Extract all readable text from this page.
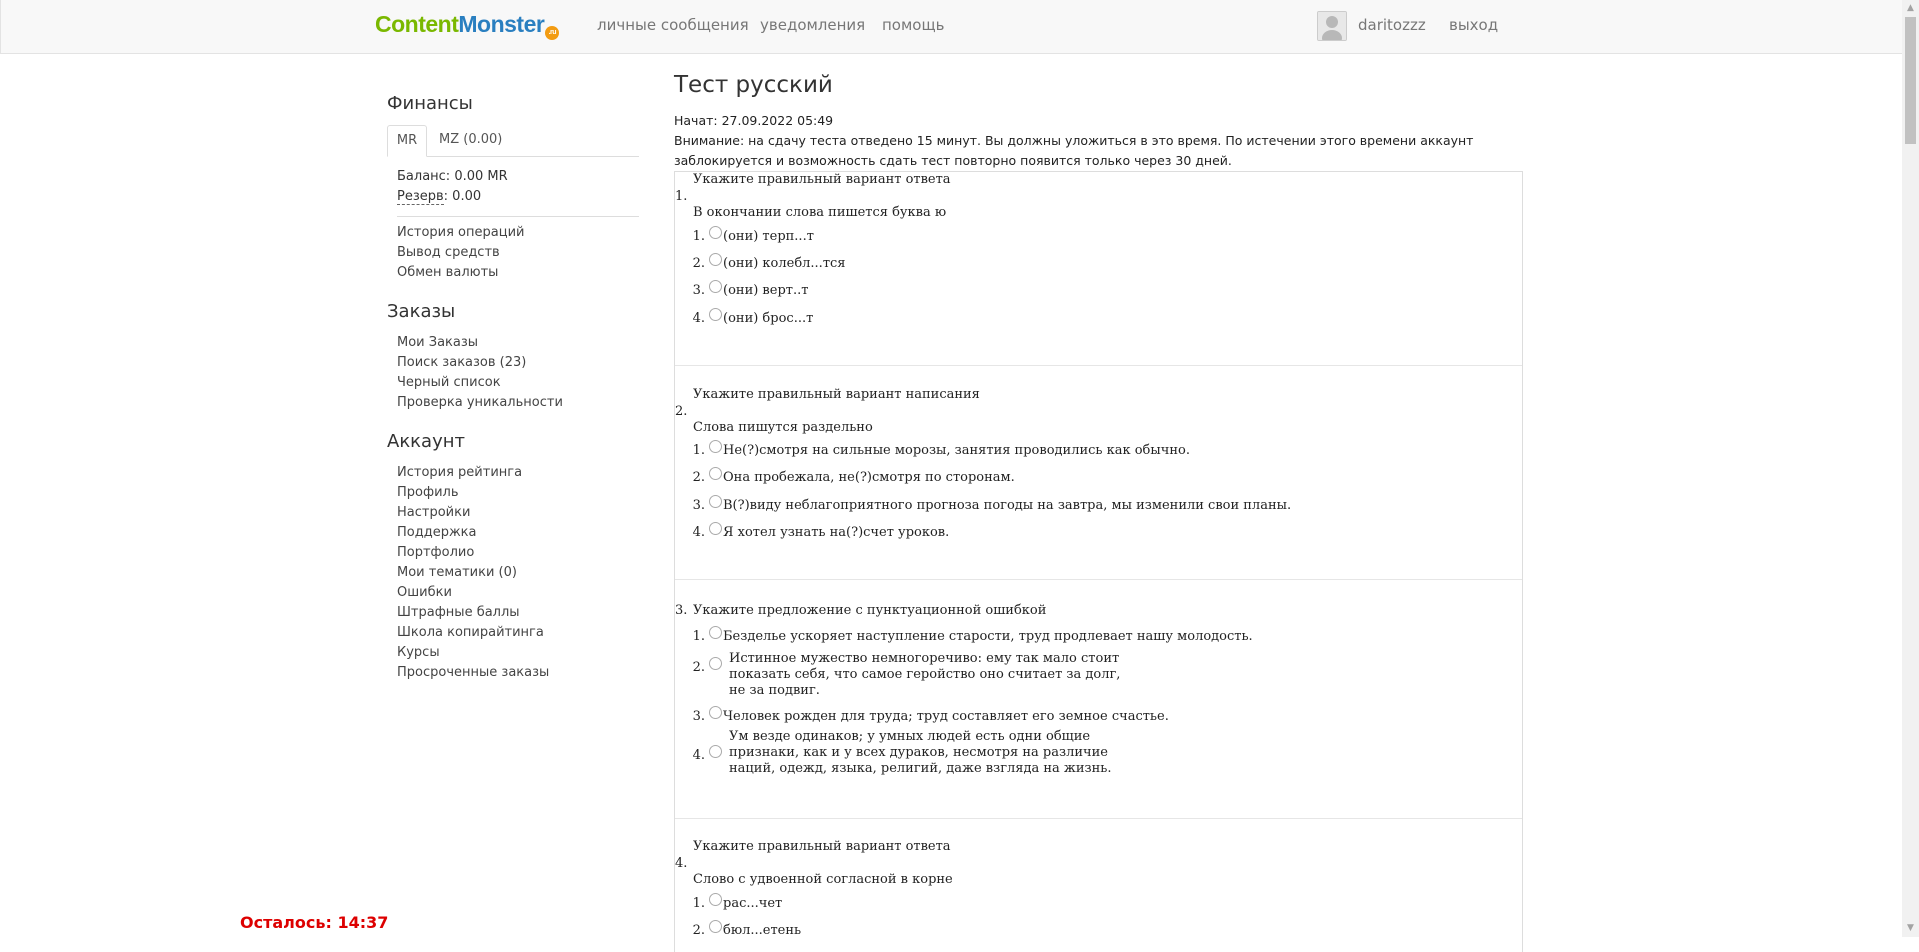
ContentMonster .ru	личные сообщения уведомления помощь	daritozzz выход
Финансы
MR	MZ (0.00)
Баланс: 0.00 MR
Резерв: 0.00
История операций
Вывод средств
Обмен валюты
Заказы
Мои Заказы
Поиск заказов (23)
Черный список
Проверка уникальности
Аккаунт
История рейтинга
Профиль
Настройки
Поддержка
Портфолио
Мои тематики (0)
Ошибки
Штрафные баллы
Школа копирайтинга
Курсы
Просроченные заказы
Осталось: 14:37
Тест русский
Начат: 27.09.2022 05:49
Внимание: на сдачу теста отведено 15 минут. Вы должны уложиться в это время. По истечении этого времени аккаунт
заблокируется и возможность сдать тест повторно появится только через 30 дней.
Укажите правильный вариант ответа
1.
В окончании слова пишется буква ю
1. (они) терп...т
2. (они) колебл...тся
3. (они) верт..т
4. (они) брос...т
Укажите правильный вариант написания
2.
Слова пишутся раздельно
1. Не(?)смотря на сильные морозы, занятия проводились как обычно.
2. Она пробежала, не(?)смотря по сторонам.
3. В(?)виду неблагоприятного прогноза погоды на завтра, мы изменили свои планы.
4. Я хотел узнать на(?)счет уроков.
3. Укажите предложение с пунктуационной ошибкой
1. Безделье ускоряет наступление старости, труд продлевает нашу молодость.
2.
Истинное мужество немногоречиво: ему так мало стоит
показать себя, что самое геройство оно считает за долг,
не за подвиг.
3. Человек рожден для труда; труд составляет его земное счастье.
4.
Ум везде одинаков; у умных людей есть одни общие
признаки, как и у всех дураков, несмотря на различие
наций, одежд, языка, религий, даже взгляда на жизнь.
Укажите правильный вариант ответа
4.
Слово с удвоенной согласной в корне
1. рас...чет
2. бюл...етень
▲
▼
